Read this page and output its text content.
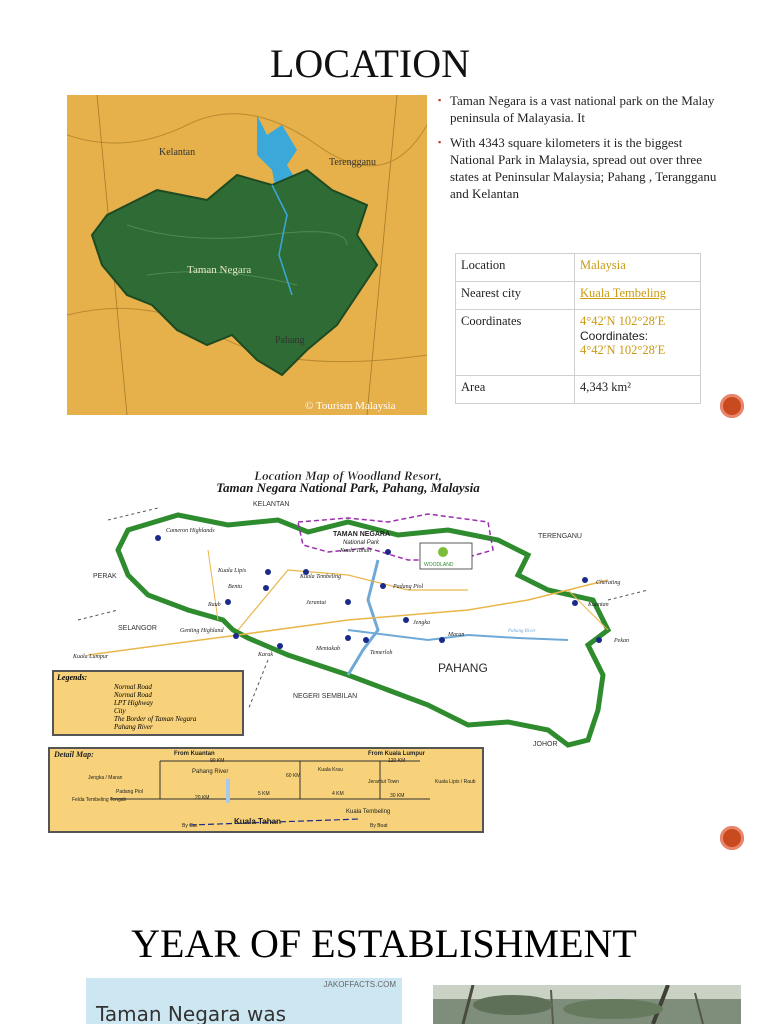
LOCATION
Kelantan
Terengganu
Taman Negara
Pahang
© Tourism Malaysia
▪ Taman Negara is a vast national park on the Malay peninsula of Malayasia. It
▪ With 4343 square kilometers it is the biggest National Park in Malaysia, spread out over three states at Peninsular Malaysia; Pahang , Terangganu and Kelantan
Location	Malaysia
Nearest city	Kuala Tembeling
Coordinates	4°42′N 102°28′E
Coordinates:
4°42′N 102°28′E

Area	4,343 km²
Location Map of Woodland Resort,
Taman Negara National Park, Pahang, Malaysia
KELANTAN
TERENGANU
PERAK
SELANGOR
PAHANG
NEGERI SEMBILAN
JOHOR
TAMAN NEGARA
National Park
WOODLAND
Cameron Highlands
Kuala Tahan
Kuala Lipis
Kuala Tembeling
Padang Piol
Bentu
Jerantut
Raub
Genting Highland
Kuala Lumpur	Karak
Mentakab
Temerloh
Jengka
Maran
Cherating
Kuantan
Pekan
Pahang River
Legends:
Normal Road
Normal Road
LPT Highway
City
The Border of Taman Negara
Pahang River
Detail Map:	From Kuantan
90 KM
From Kuala Lumpur
120 KM
Jengka / Maran
Pahang River
60 KM
Kuala Krau
Jerantut Town	Kuala Lipis / Raub
Padang Piol
Felda Tembeling Tengah	20 KM
5 KM	4 KM	30 KM
Kuala Tembeling
By Car	Kuala Tahan	By Boat
YEAR OF ESTABLISHMENT
JAKOFFACTS.COM
Taman Negara was
